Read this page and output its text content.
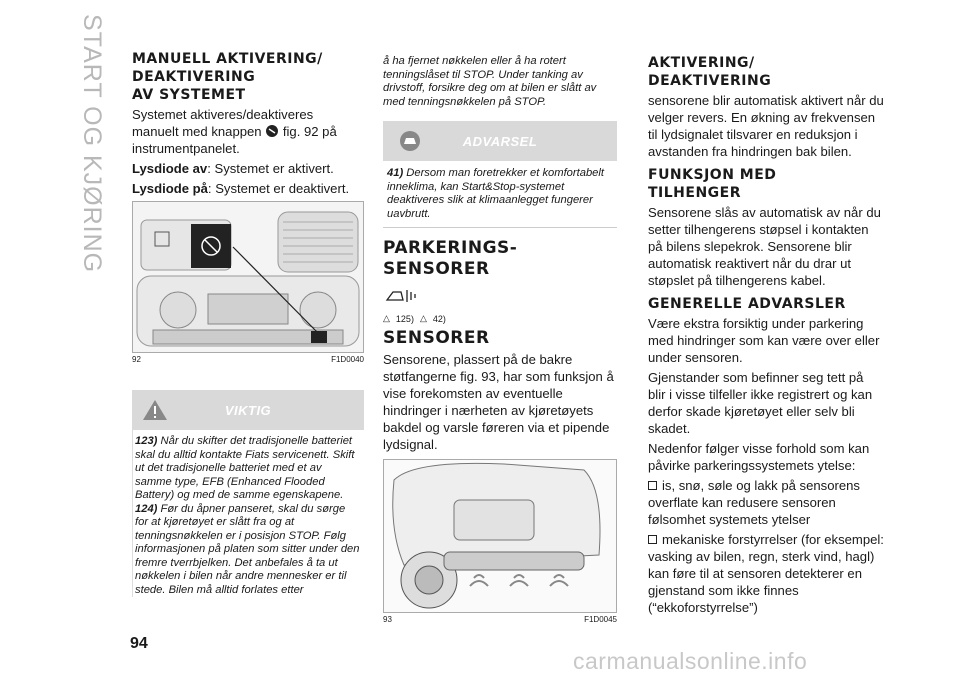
START OG KJØRING MANUELL AKTIVERING/
DEAKTIVERING
AV SYSTEMET

Systemet aktiveres/deaktiveres
manuelt med knappen fig. 92 på
instrumentpanelet.

Lysdiode av: Systemet er aktivert.

Lysdiode på: Systemet er deaktivert.

92	F1D0040
VIKTIG

123) Når du skifter det tradisjonelle batteriet skal du alltid kontakte Fiats servicenett. Skift ut det tradisjonelle batteriet med et av samme type, EFB (Enhanced Flooded Battery) og med de samme egenskapene.

124) Før du åpner panseret, skal du sørge for at kjøretøyet er slått fra og at tenningsnøkkelen er i posisjon STOP. Følg informasjonen på platen som sitter under den fremre tverrbjelken. Det anbefales å ta ut nøkkelen i bilen når andre mennesker er til stede. Bilen må alltid forlates etter

å ha fjernet nøkkelen eller å ha rotert tenningslåset til STOP. Under tanking av drivstoff, forsikre deg om at bilen er slått av med tenningsnøkkelen på STOP.

ADVARSEL

41) Dersom man foretrekker et komfortabelt inneklima, kan Start&Stop-systemet deaktiveres slik at klimaanlegget fungerer uavbrutt.

PARKERINGS-
SENSORER
△ 125) △ 42)
SENSORER

Sensorene, plassert på de bakre støtfangerne fig. 93, har som funksjon å vise forekomsten av eventuelle hindringer i nærheten av kjøretøyets bakdel og varsle føreren via et pipende lydsignal.

93	F1D0045
AKTIVERING/
DEAKTIVERING

sensorene blir automatisk aktivert når du velger revers. En økning av frekvensen til lydsignalet tilsvarer en reduksjon i avstanden fra hindringen bak bilen.

FUNKSJON MED
TILHENGER

Sensorene slås av automatisk av når du setter tilhengerens støpsel i kontakten på bilens slepekrok. Sensorene blir automatisk reaktivert når du drar ut støpslet på tilhengerens kabel.

GENERELLE ADVARSLER

Være ekstra forsiktig under parkering med hindringer som kan være over eller under sensoren.

Gjenstander som befinner seg tett på blir i visse tilfeller ikke registrert og kan derfor skade kjøretøyet eller selv bli skadet.

Nedenfor følger visse forhold som kan påvirke parkeringssystemets ytelse:

is, snø, søle og lakk på sensorens overflate kan redusere sensoren følsomhet systemets ytelser

mekaniske forstyrrelser (for eksempel: vasking av bilen, regn, sterk vind, hagl) kan føre til at sensoren detekterer en gjenstand som ikke finnes (“ekkoforstyrrelse”)

94
carmanualsonline.info
